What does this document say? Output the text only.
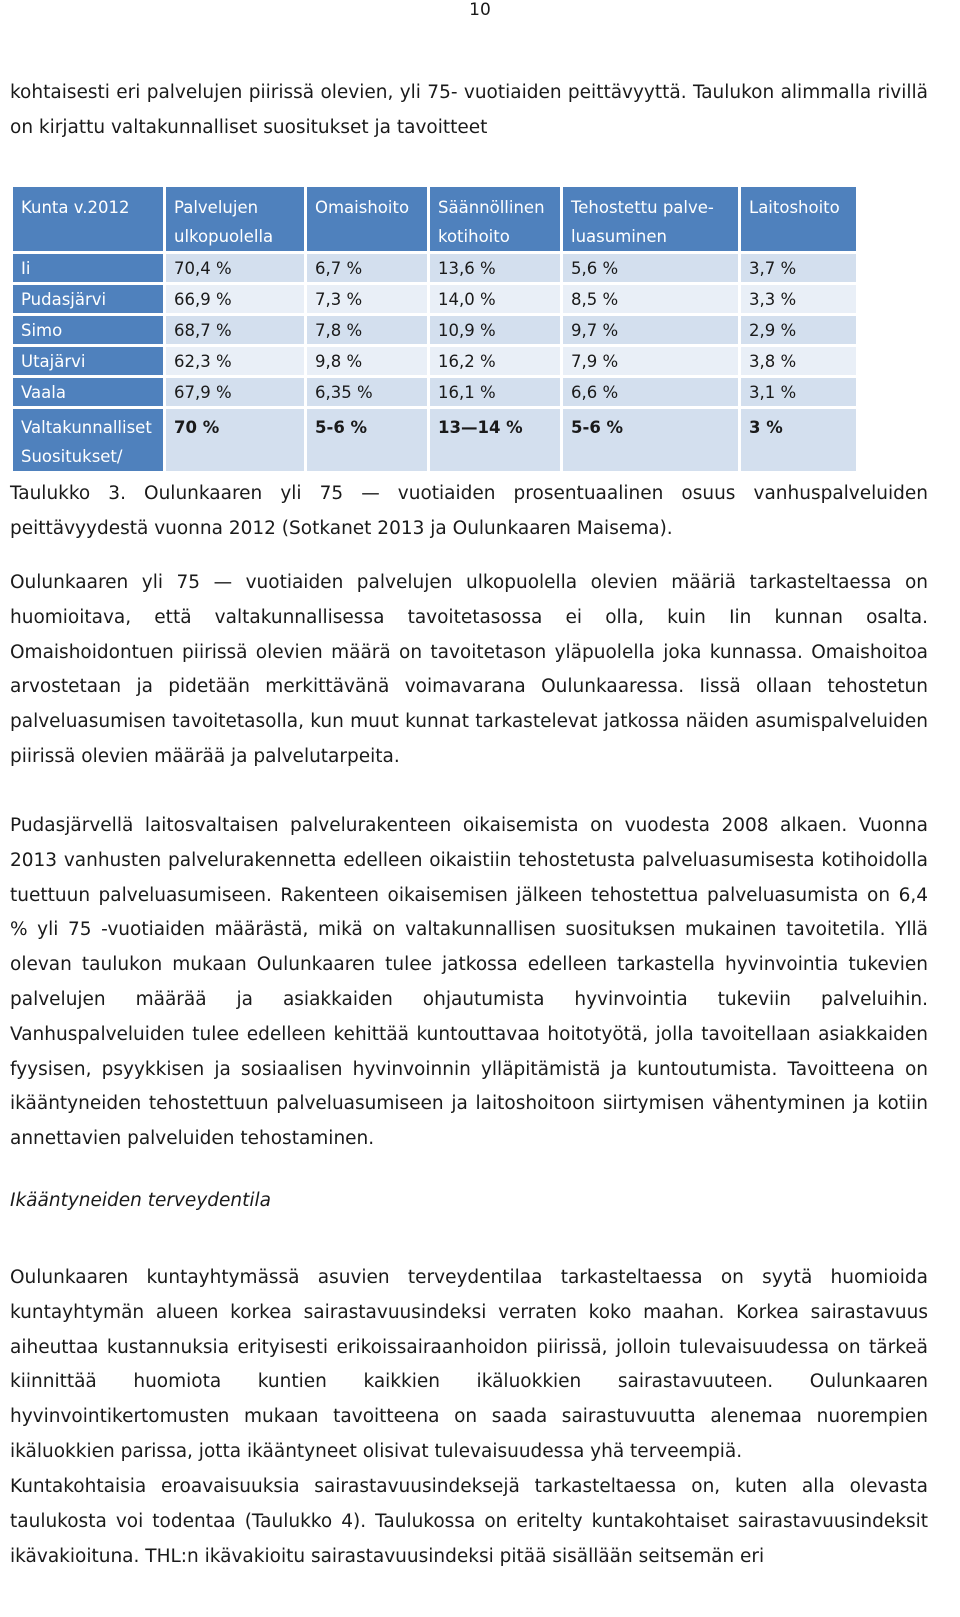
10

kohtaisesti eri palvelujen piirissä olevien, yli 75- vuotiaiden peittävyyttä. Taulukon alimmalla rivillä on kirjattu valtakunnalliset suositukset ja tavoitteet

Kunta v.2012	Palvelujen ulkopuolella	Omaishoito	Säännöllinen kotihoito	Tehostettu palve-luasuminen	Laitoshoito
Ii	70,4 %	6,7 %	13,6 %	5,6 %	3,7 %
Pudasjärvi	66,9 %	7,3 %	14,0 %	8,5 %	3,3 %
Simo	68,7 %	7,8 %	10,9 %	9,7 %	2,9 %
Utajärvi	62,3 %	9,8 %	16,2 %	7,9 %	3,8 %
Vaala	67,9 %	6,35 %	16,1 %	6,6 %	3,1 %
Valtakunnalliset Suositukset/	70 %	5-6 %	13—14 %	5-6 %	3 %

Taulukko 3. Oulunkaaren yli 75 — vuotiaiden prosentuaalinen osuus vanhuspalveluiden peittävyydestä vuonna 2012 (Sotkanet 2013 ja Oulunkaaren Maisema).

Oulunkaaren yli 75 — vuotiaiden palvelujen ulkopuolella olevien määriä tarkasteltaessa on huomioitava, että valtakunnallisessa tavoitetasossa ei olla, kuin Iin kunnan osalta. Omaishoidontuen piirissä olevien määrä on tavoitetason yläpuolella joka kunnassa. Omaishoitoa arvostetaan ja pidetään merkittävänä voimavarana Oulunkaaressa. Iissä ollaan tehostetun palveluasumisen tavoitetasolla, kun muut kunnat tarkastelevat jatkossa näiden asumispalveluiden piirissä olevien määrää ja palvelutarpeita.

Pudasjärvellä laitosvaltaisen palvelurakenteen oikaisemista on vuodesta 2008 alkaen. Vuonna 2013 vanhusten palvelurakennetta edelleen oikaistiin tehostetusta palveluasumisesta kotihoidolla tuettuun palveluasumiseen. Rakenteen oikaisemisen jälkeen tehostettua palveluasumista on 6,4 % yli 75 -vuotiaiden määrästä, mikä on valtakunnallisen suosituksen mukainen tavoitetila. Yllä olevan taulukon mukaan Oulunkaaren tulee jatkossa edelleen tarkastella hyvinvointia tukevien palvelujen määrää ja asiakkaiden ohjautumista hyvinvointia tukeviin palveluihin. Vanhuspalveluiden tulee edelleen kehittää kuntouttavaa hoitotyötä, jolla tavoitellaan asiakkaiden fyysisen, psyykkisen ja sosiaalisen hyvinvoinnin ylläpitämistä ja kuntoutumista. Tavoitteena on ikääntyneiden tehostettuun palveluasumiseen ja laitoshoitoon siirtymisen vähentyminen ja kotiin annettavien palveluiden tehostaminen.

Ikääntyneiden terveydentila

Oulunkaaren kuntayhtymässä asuvien terveydentilaa tarkasteltaessa on syytä huomioida kuntayhtymän alueen korkea sairastavuusindeksi verraten koko maahan. Korkea sairastavuus aiheuttaa kustannuksia erityisesti erikoissairaanhoidon piirissä, jolloin tulevaisuudessa on tärkeä kiinnittää huomiota kuntien kaikkien ikäluokkien sairastavuuteen. Oulunkaaren hyvinvointikertomusten mukaan tavoitteena on saada sairastuvuutta alenemaa nuorempien ikäluokkien parissa, jotta ikääntyneet olisivat tulevaisuudessa yhä terveempiä.

Kuntakohtaisia eroavaisuuksia sairastavuusindeksejä tarkasteltaessa on, kuten alla olevasta taulukosta voi todentaa (Taulukko 4). Taulukossa on eritelty kuntakohtaiset sairastavuusindeksit ikävakioituna. THL:n ikävakioitu sairastavuusindeksi pitää sisällään seitsemän eri
